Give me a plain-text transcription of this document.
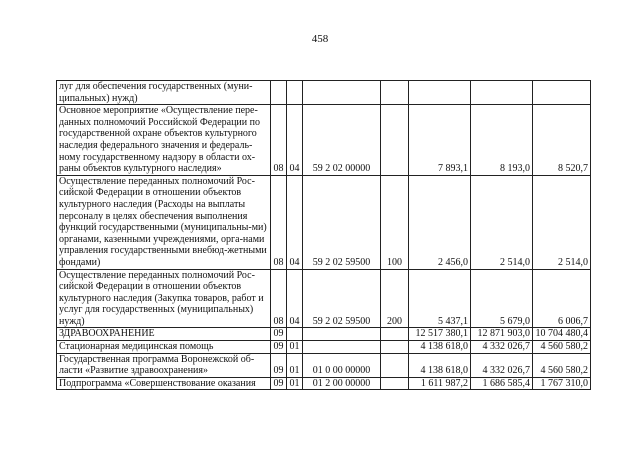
458
луг для обеспечения государственных (муни-ципальных) нужд)							
Основное мероприятие «Осуществление пере-данных полномочий Российской Федерации по государственной охране объектов культурного наследия федерального значения и федераль-ному государственному надзору в области ох-раны объектов культурного наследия»	08	04	59 2 02 00000		7 893,1	8 193,0	8 520,7
Осуществление переданных полномочий Рос-сийской Федерации в отношении объектов культурного наследия (Расходы на выплаты персоналу в целях обеспечения выполнения функций государственными (муниципальны-ми) органами, казенными учреждениями, орга-нами управления государственными внебюд-жетными фондами)	08	04	59 2 02 59500	100	2 456,0	2 514,0	2 514,0
Осуществление переданных полномочий Рос-сийской Федерации в отношении объектов культурного наследия (Закупка товаров, работ и услуг для государственных (муниципальных) нужд)	08	04	59 2 02 59500	200	5 437,1	5 679,0	6 006,7
ЗДРАВООХРАНЕНИЕ	09				12 517 380,1	12 871 903,0	10 704 480,4
Стационарная медицинская помощь	09	01			4 138 618,0	4 332 026,7	4 560 580,2
Государственная программа Воронежской об-ласти «Развитие здравоохранения»	09	01	01 0 00 00000		4 138 618,0	4 332 026,7	4 560 580,2
Подпрограмма «Совершенствование оказания	09	01	01 2 00 00000		1 611 987,2	1 686 585,4	1 767 310,0
